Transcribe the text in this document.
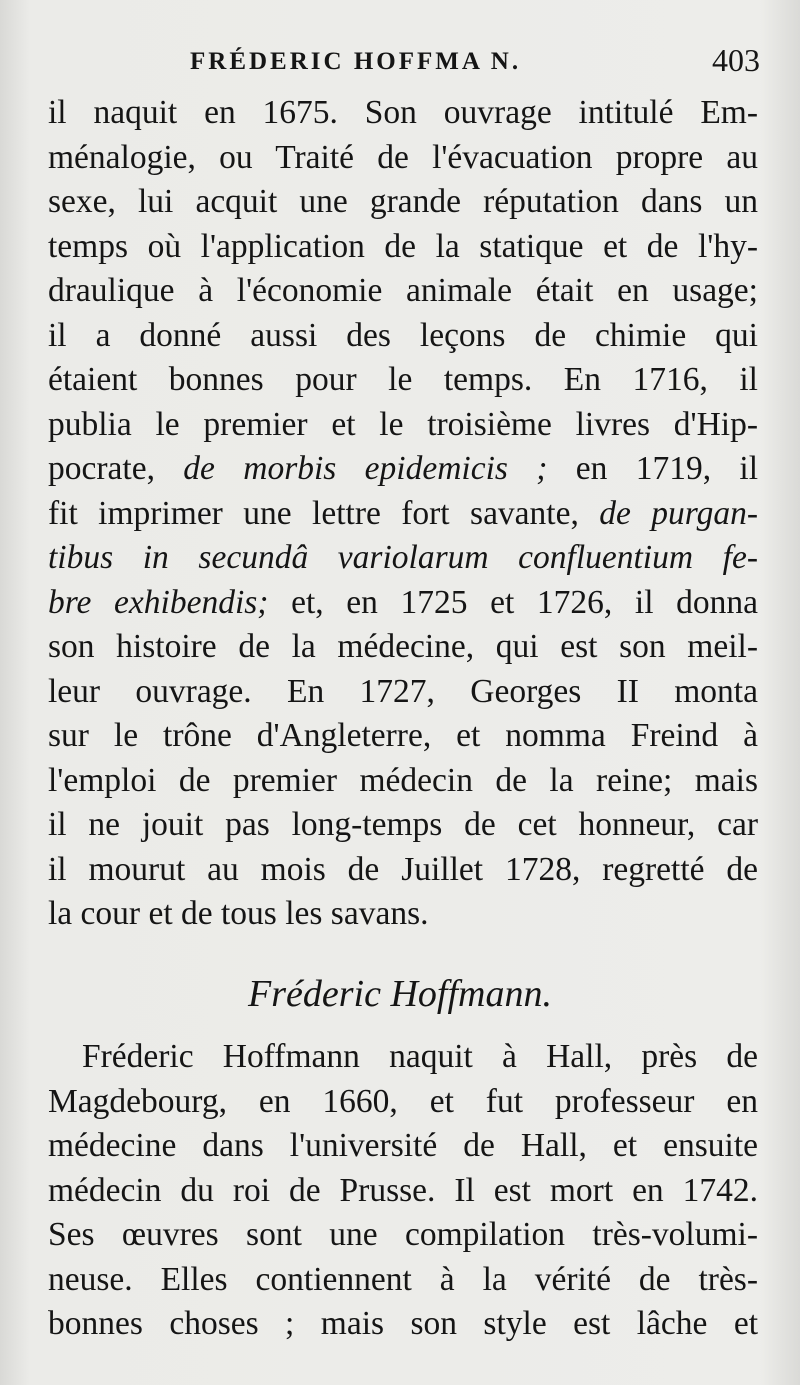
FRÉDERIC HOFFMA N.	403
il naquit en 1675. Son ouvrage intitulé Em-
ménalogie, ou Traité de l'évacuation propre au
sexe, lui acquit une grande réputation dans un
temps où l'application de la statique et de l'hy-
draulique à l'économie animale était en usage;
il a donné aussi des leçons de chimie qui
étaient bonnes pour le temps. En 1716, il
publia le premier et le troisième livres d'Hip-
pocrate, de morbis epidemicis ; en 1719, il
fit imprimer une lettre fort savante, de purgan-
tibus in secundâ variolarum confluentium fe-
bre exhibendis; et, en 1725 et 1726, il donna
son histoire de la médecine, qui est son meil-
leur ouvrage. En 1727, Georges II monta
sur le trône d'Angleterre, et nomma Freind à
l'emploi de premier médecin de la reine; mais
il ne jouit pas long-temps de cet honneur, car
il mourut au mois de Juillet 1728, regretté de
la cour et de tous les savans.
Fréderic Hoffmann.
Fréderic Hoffmann naquit à Hall, près de
Magdebourg, en 1660, et fut professeur en
médecine dans l'université de Hall, et ensuite
médecin du roi de Prusse. Il est mort en 1742.
Ses œuvres sont une compilation très-volumi-
neuse. Elles contiennent à la vérité de très-
bonnes choses ; mais son style est lâche et
